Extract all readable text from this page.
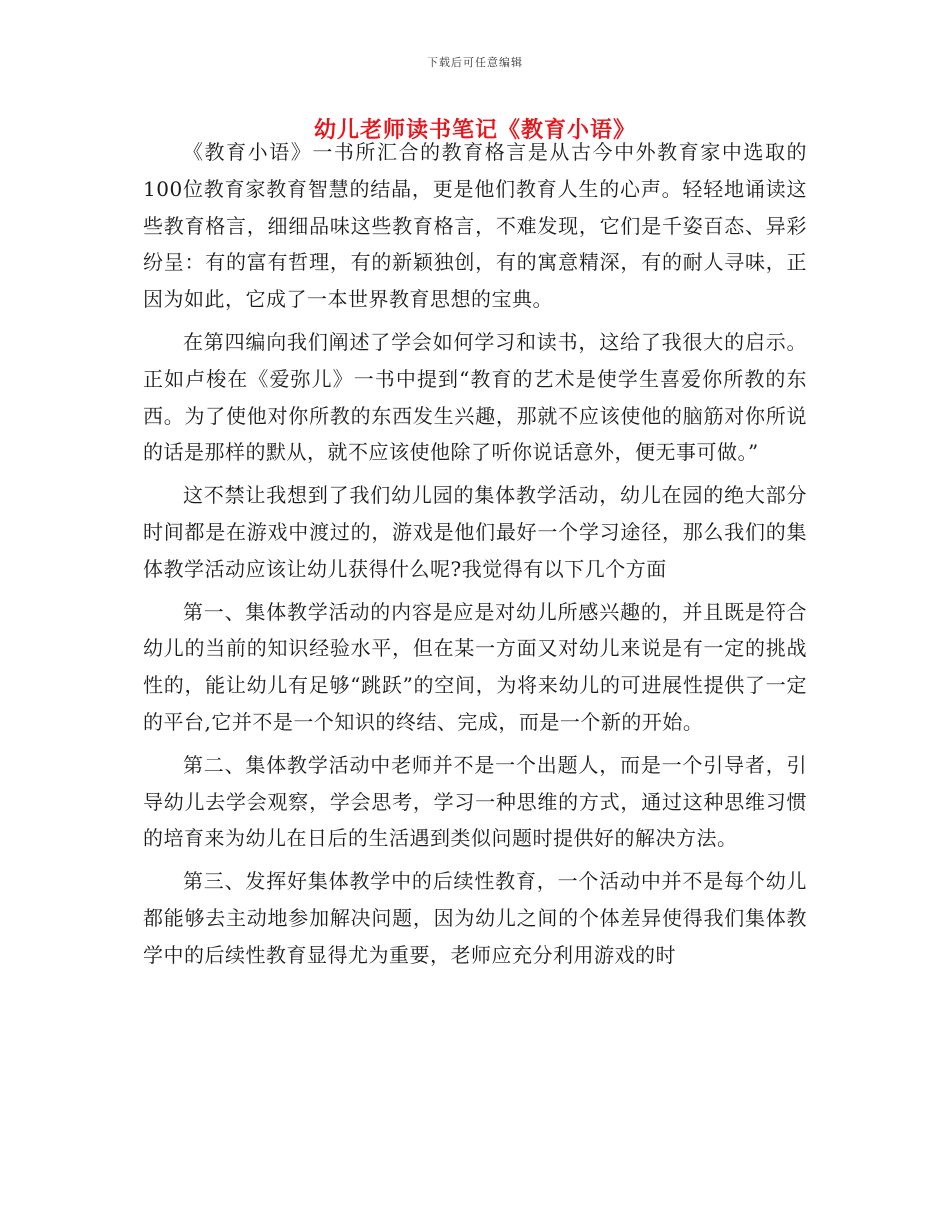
下载后可任意编辑
幼儿老师读书笔记《教育小语》

《教育小语》一书所汇合的教育格言是从古今中外教育家中选取的100位教育家教育智慧的结晶，更是他们教育人生的心声。轻轻地诵读这些教育格言，细细品味这些教育格言，不难发现，它们是千姿百态、异彩纷呈：有的富有哲理，有的新颖独创，有的寓意精深，有的耐人寻味，正因为如此，它成了一本世界教育思想的宝典。

在第四编向我们阐述了学会如何学习和读书，这给了我很大的启示。正如卢梭在《爱弥儿》一书中提到“教育的艺术是使学生喜爱你所教的东西。为了使他对你所教的东西发生兴趣，那就不应该使他的脑筋对你所说的话是那样的默从，就不应该使他除了听你说话意外，便无事可做。”

这不禁让我想到了我们幼儿园的集体教学活动，幼儿在园的绝大部分时间都是在游戏中渡过的，游戏是他们最好一个学习途径，那么我们的集体教学活动应该让幼儿获得什么呢?我觉得有以下几个方面

第一、集体教学活动的内容是应是对幼儿所感兴趣的，并且既是符合幼儿的当前的知识经验水平，但在某一方面又对幼儿来说是有一定的挑战性的，能让幼儿有足够“跳跃”的空间，为将来幼儿的可进展性提供了一定的平台,它并不是一个知识的终结、完成，而是一个新的开始。

第二、集体教学活动中老师并不是一个出题人，而是一个引导者，引导幼儿去学会观察，学会思考，学习一种思维的方式，通过这种思维习惯的培育来为幼儿在日后的生活遇到类似问题时提供好的解决方法。

第三、发挥好集体教学中的后续性教育，一个活动中并不是每个幼儿都能够去主动地参加解决问题，因为幼儿之间的个体差异使得我们集体教学中的后续性教育显得尤为重要，老师应充分利用游戏的时
